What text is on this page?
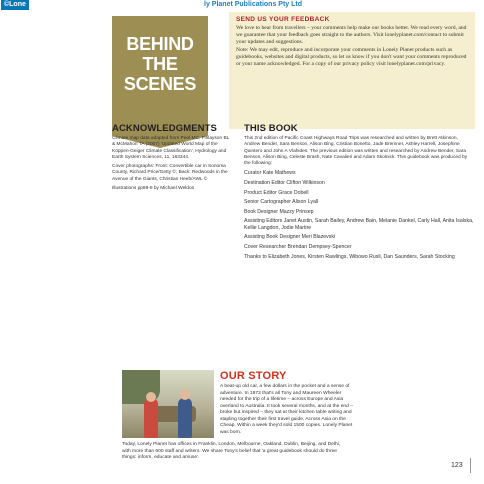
©Lone	ly Planet Publications Pty Ltd
BEHIND
THE
SCENES
SEND US YOUR FEEDBACK

We love to hear from travellers – your comments help make our books better. We read every word, and we guarantee that your feedback goes straight to the authors. Visit lonelyplanet.com/contact to submit your updates and suggestions.

Note: We may edit, reproduce and incorporate your comments in Lonely Planet products such as guidebooks, websites and digital products, so let us know if you don't want your comments reproduced or your name acknowledged. For a copy of our privacy policy visit lonelyplanet.com/privacy.

ACKNOWLEDGMENTS

Climate map data adapted from Peel MC, Finlayson BL & McMahon TA (2007) 'Updated World Map of the Köppen-Geiger Climate Classification', Hydrology and Earth System Sciences, 11, 163344.

Cover photographs: Front: Convertible car in Sonoma County, Richard Price/Getty ©; Back: Redwoods in the Avenue of the Giants, Christian Heeb/AWL ©

Illustrations pp88-9 by Michael Weldon

THIS BOOK

This 2nd edition of Pacific Coast Highways Road Trips was researched and written by Brett Atkinson, Andrew Bender, Sara Benson, Alison Bing, Cristian Bonetto, Jade Bremner, Ashley Harrell, Josephine Quintero and John A Vlahides. The previous edition was written and researched by Andrew Bender, Sara Benson, Alison Bing, Celeste Brash, Nate Cavalieri and Adam Skolnick. This guidebook was produced by the following:

Curator Kate Mathews
Destination Editor Clifton Wilkinson
Product Editor Grace Dobell
Senior Cartographer Alison Lyall
Book Designer Mazzy Prinsep
Assisting Editors Janet Austin, Sarah Bailey, Andrew Bain, Melanie Dankel, Carly Hall, Anita Isalska, Kellie Langdon, Jodie Martire
Assisting Book Designer Meri Blazevski
Cover Researcher Brendan Dempsey-Spencer
Thanks to Elizabeth Jones, Kirsten Rawlings, Wibowo Rusli, Dan Saunders, Sarah Stocking
OUR STORY

A beat-up old car, a few dollars in the pocket and a sense of adventure. In 1972 that's all Tony and Maureen Wheeler needed for the trip of a lifetime – across Europe and Asia overland to Australia. It took several months, and at the end – broke but inspired – they sat at their kitchen table writing and stapling together their first travel guide, Across Asia on the Cheap. Within a week they'd sold 1500 copies. Lonely Planet was born.

Today, Lonely Planet has offices in Franklin, London, Melbourne, Oakland, Dublin, Beijing, and Delhi, with more than 600 staff and writers. We share Tony's belief that 'a great guidebook should do three things: inform, educate and amuse'.

123
